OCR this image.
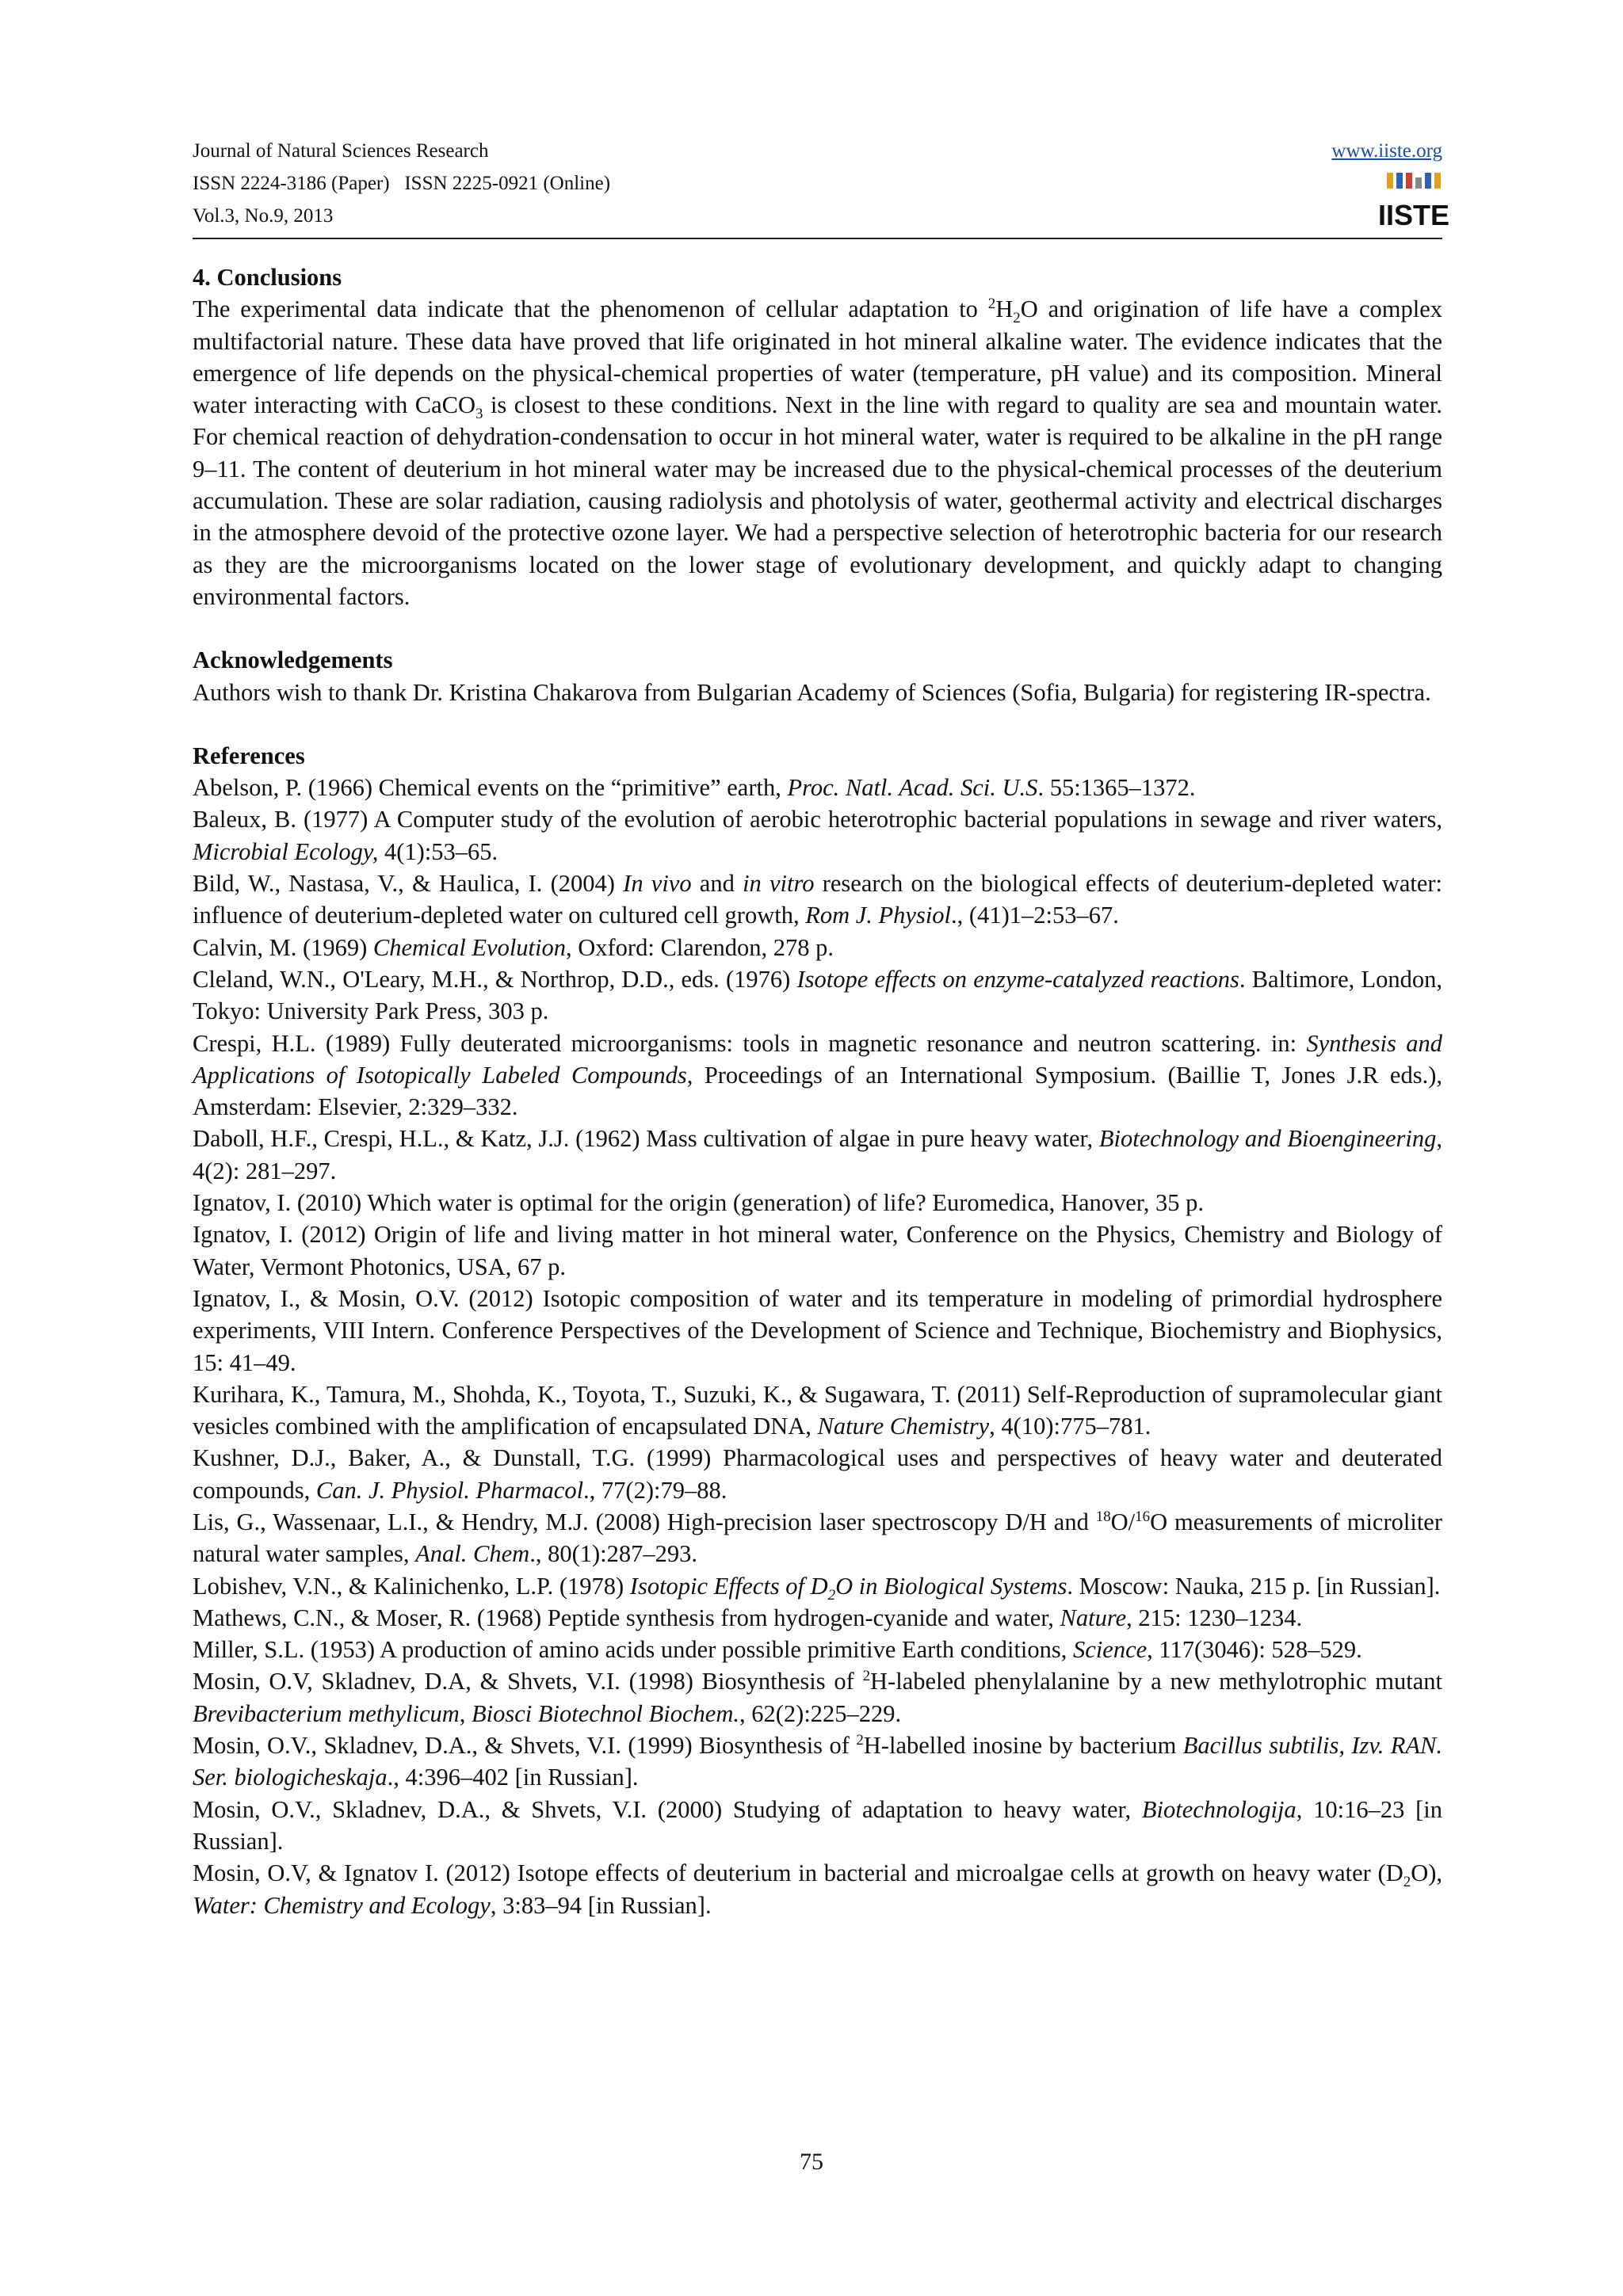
Journal of Natural Sciences Research
ISSN 2224-3186 (Paper)   ISSN 2225-0921 (Online)
Vol.3, No.9, 2013
www.iiste.org
IISTE
4. Conclusions

The experimental data indicate that the phenomenon of cellular adaptation to $^2H_2O$ and origination of life have a complex multifactorial nature. These data have proved that life originated in hot mineral alkaline water. The evidence indicates that the emergence of life depends on the physical-chemical properties of water (temperature, pH value) and its composition. Mineral water interacting with CaCO$_3$ is closest to these conditions. Next in the line with regard to quality are sea and mountain water. For chemical reaction of dehydration-condensation to occur in hot mineral water, water is required to be alkaline in the pH range 9–11. The content of deuterium in hot mineral water may be increased due to the physical-chemical processes of the deuterium accumulation. These are solar radiation, causing radiolysis and photolysis of water, geothermal activity and electrical discharges in the atmosphere devoid of the protective ozone layer. We had a perspective selection of heterotrophic bacteria for our research as they are the microorganisms located on the lower stage of evolutionary development, and quickly adapt to changing environmental factors.

Acknowledgements

Authors wish to thank Dr. Kristina Chakarova from Bulgarian Academy of Sciences (Sofia, Bulgaria) for registering IR-spectra.

References

Abelson, P. (1966) Chemical events on the “primitive” earth, Proc. Natl. Acad. Sci. U.S. 55:1365–1372.

Baleux, B. (1977) A Computer study of the evolution of aerobic heterotrophic bacterial populations in sewage and river waters, Microbial Ecology, 4(1):53–65.

Bild, W., Nastasa, V., & Haulica, I. (2004) In vivo and in vitro research on the biological effects of deuterium-depleted water: influence of deuterium-depleted water on cultured cell growth, Rom J. Physiol., (41)1–2:53–67.

Calvin, M. (1969) Chemical Evolution, Oxford: Clarendon, 278 p.

Cleland, W.N., O'Leary, M.H., & Northrop, D.D., eds. (1976) Isotope effects on enzyme-catalyzed reactions. Baltimore, London, Tokyo: University Park Press, 303 p.

Crespi, H.L. (1989) Fully deuterated microorganisms: tools in magnetic resonance and neutron scattering. in: Synthesis and Applications of Isotopically Labeled Compounds, Proceedings of an International Symposium. (Baillie T, Jones J.R eds.), Amsterdam: Elsevier, 2:329–332.

Daboll, H.F., Crespi, H.L., & Katz, J.J. (1962) Mass cultivation of algae in pure heavy water, Biotechnology and Bioengineering, 4(2): 281–297.

Ignatov, I. (2010) Which water is optimal for the origin (generation) of life? Euromedica, Hanover, 35 p.

Ignatov, I. (2012) Origin of life and living matter in hot mineral water, Conference on the Physics, Chemistry and Biology of Water, Vermont Photonics, USA, 67 p.

Ignatov, I., & Mosin, O.V. (2012) Isotopic composition of water and its temperature in modeling of primordial hydrosphere experiments, VIII Intern. Conference Perspectives of the Development of Science and Technique, Biochemistry and Biophysics, 15: 41–49.

Kurihara, K., Tamura, M., Shohda, K., Toyota, T., Suzuki, K., & Sugawara, T. (2011) Self-Reproduction of supramolecular giant vesicles combined with the amplification of encapsulated DNA, Nature Chemistry, 4(10):775–781.

Kushner, D.J., Baker, A., & Dunstall, T.G. (1999) Pharmacological uses and perspectives of heavy water and deuterated compounds, Can. J. Physiol. Pharmacol., 77(2):79–88.

Lis, G., Wassenaar, L.I., & Hendry, M.J. (2008) High-precision laser spectroscopy D/H and $^{18}$O/$^{16}$O measurements of microliter natural water samples, Anal. Chem., 80(1):287–293.

Lobishev, V.N., & Kalinichenko, L.P. (1978) Isotopic Effects of $D_2O$ in Biological Systems. Moscow: Nauka, 215 p. [in Russian].

Mathews, C.N., & Moser, R. (1968) Peptide synthesis from hydrogen-cyanide and water, Nature, 215: 1230–1234.

Miller, S.L. (1953) A production of amino acids under possible primitive Earth conditions, Science, 117(3046): 528–529.

Mosin, O.V, Skladnev, D.A, & Shvets, V.I. (1998) Biosynthesis of $^2$H-labeled phenylalanine by a new methylotrophic mutant Brevibacterium methylicum, Biosci Biotechnol Biochem., 62(2):225–229.

Mosin, O.V., Skladnev, D.A., & Shvets, V.I. (1999) Biosynthesis of $^2$H-labelled inosine by bacterium Bacillus subtilis, Izv. RAN. Ser. biologicheskaja., 4:396–402 [in Russian].

Mosin, O.V., Skladnev, D.A., & Shvets, V.I. (2000) Studying of adaptation to heavy water, Biotechnologija, 10:16–23 [in Russian].

Mosin, O.V, & Ignatov I. (2012) Isotope effects of deuterium in bacterial and microalgae cells at growth on heavy water $(D_2O)$, Water: Chemistry and Ecology, 3:83–94 [in Russian].

75
